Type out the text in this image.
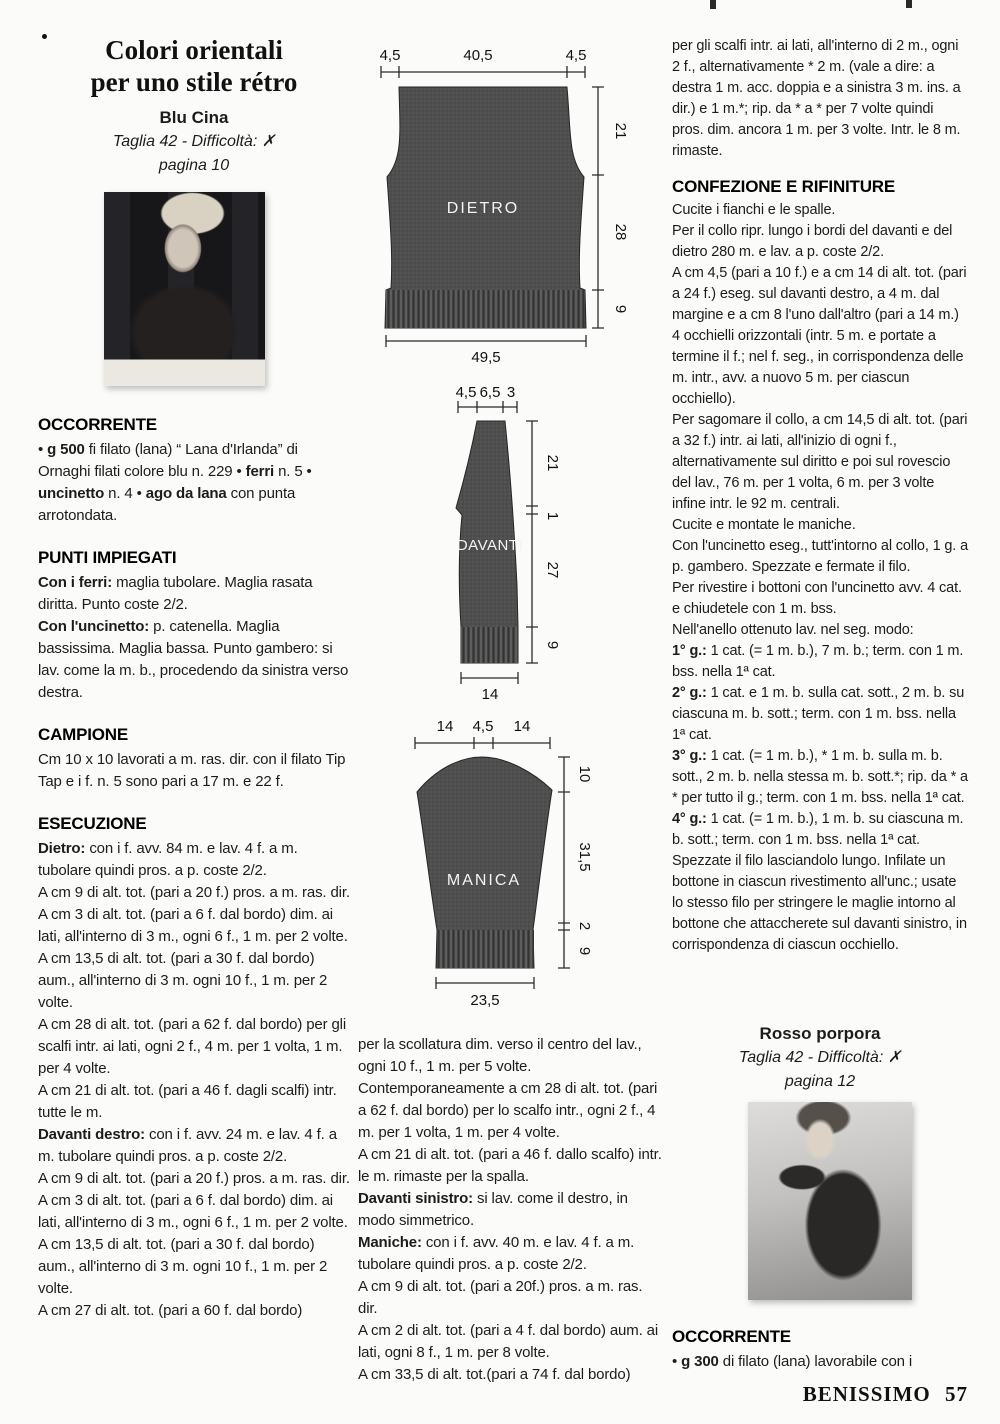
Colori orientali
per uno stile rétro
Blu Cina
Taglia 42 - Difficoltà: ✗
pagina 10
OCCORRENTE

• g 500 fi filato (lana) “ Lana d'Irlanda” di Ornaghi filati colore blu n. 229 • ferri n. 5 • uncinetto n. 4 • ago da lana con punta arrotondata.

PUNTI IMPIEGATI

Con i ferri: maglia tubolare. Maglia rasata diritta. Punto coste 2/2.

Con l'uncinetto: p. catenella. Maglia bassissima. Maglia bassa. Punto gambero: si lav. come la m. b., procedendo da sinistra verso destra.

CAMPIONE

Cm 10 x 10 lavorati a m. ras. dir. con il filato Tip Tap e i f. n. 5 sono pari a 17 m. e 22 f.

ESECUZIONE

Dietro: con i f. avv. 84 m. e lav. 4 f. a m. tubolare quindi pros. a p. coste 2/2.

A cm 9 di alt. tot. (pari a 20 f.) pros. a m. ras. dir.

A cm 3 di alt. tot. (pari a 6 f. dal bordo) dim. ai lati, all'interno di 3 m., ogni 6 f., 1 m. per 2 volte.

A cm 13,5 di alt. tot. (pari a 30 f. dal bordo) aum., all'interno di 3 m. ogni 10 f., 1 m. per 2 volte.

A cm 28 di alt. tot. (pari a 62 f. dal bordo) per gli scalfi intr. ai lati, ogni 2 f., 4 m. per 1 volta, 1 m. per 4 volte.

A cm 21 di alt. tot. (pari a 46 f. dagli scalfi) intr. tutte le m.

Davanti destro: con i f. avv. 24 m. e lav. 4 f. a m. tubolare quindi pros. a p. coste 2/2.

A cm 9 di alt. tot. (pari a 20 f.) pros. a m. ras. dir.

A cm 3 di alt. tot. (pari a 6 f. dal bordo) dim. ai lati, all'interno di 3 m., ogni 6 f., 1 m. per 2 volte.

A cm 13,5 di alt. tot. (pari a 30 f. dal bordo) aum., all'interno di 3 m. ogni 10 f., 1 m. per 2 volte.

A cm 27 di alt. tot. (pari a 60 f. dal bordo)

4,5	40,5	4,5
DIETRO
21
28
9
49,5
4,5 6,5 3
DAVANTI
21
1
27
9
14
14 4,5 14
MANICA
10
31,5
2
9
23,5

per la scollatura dim. verso il centro del lav., ogni 10 f., 1 m. per 5 volte.

Contemporaneamente a cm 28 di alt. tot. (pari a 62 f. dal bordo) per lo scalfo intr., ogni 2 f., 4 m. per 1 volta, 1 m. per 4 volte.

A cm 21 di alt. tot. (pari a 46 f. dallo scalfo) intr. le m. rimaste per la spalla.

Davanti sinistro: si lav. come il destro, in modo simmetrico.

Maniche: con i f. avv. 40 m. e lav. 4 f. a m. tubolare quindi pros. a p. coste 2/2.

A cm 9 di alt. tot. (pari a 20f.) pros. a m. ras. dir.

A cm 2 di alt. tot. (pari a 4 f. dal bordo) aum. ai lati, ogni 8 f., 1 m. per 8 volte.

A cm 33,5 di alt. tot.(pari a 74 f. dal bordo)

per gli scalfi intr. ai lati, all'interno di 2 m., ogni 2 f., alternativamente * 2 m. (vale a dire: a destra 1 m. acc. doppia e a sinistra 3 m. ins. a dir.) e 1 m.*; rip. da * a * per 7 volte quindi pros. dim. ancora 1 m. per 3 volte. Intr. le 8 m. rimaste.

CONFEZIONE E RIFINITURE

Cucite i fianchi e le spalle.

Per il collo ripr. lungo i bordi del davanti e del dietro 280 m. e lav. a p. coste 2/2.

A cm 4,5 (pari a 10 f.) e a cm 14 di alt. tot. (pari a 24 f.) eseg. sul davanti destro, a 4 m. dal margine e a cm 8 l'uno dall'altro (pari a 14 m.) 4 occhielli orizzontali (intr. 5 m. e portate a termine il f.; nel f. seg., in corrispondenza delle m. intr., avv. a nuovo 5 m. per ciascun occhiello).

Per sagomare il collo, a cm 14,5 di alt. tot. (pari a 32 f.) intr. ai lati, all'inizio di ogni f., alternativamente sul diritto e poi sul rovescio del lav., 76 m. per 1 volta, 6 m. per 3 volte infine intr. le 92 m. centrali.

Cucite e montate le maniche.

Con l'uncinetto eseg., tutt'intorno al collo, 1 g. a p. gambero. Spezzate e fermate il filo.

Per rivestire i bottoni con l'uncinetto avv. 4 cat. e chiudetele con 1 m. bss.

Nell'anello ottenuto lav. nel seg. modo:

1° g.: 1 cat. (= 1 m. b.), 7 m. b.; term. con 1 m. bss. nella 1ª cat.

2° g.: 1 cat. e 1 m. b. sulla cat. sott., 2 m. b. su ciascuna m. b. sott.; term. con 1 m. bss. nella 1ª cat.

3° g.: 1 cat. (= 1 m. b.), * 1 m. b. sulla m. b. sott., 2 m. b. nella stessa m. b. sott.*; rip. da * a * per tutto il g.; term. con 1 m. bss. nella 1ª cat.

4° g.: 1 cat. (= 1 m. b.), 1 m. b. su ciascuna m. b. sott.; term. con 1 m. bss. nella 1ª cat.

Spezzate il filo lasciandolo lungo. Infilate un bottone in ciascun rivestimento all'unc.; usate lo stesso filo per stringere le maglie intorno al bottone che attaccherete sul davanti sinistro, in corrispondenza di ciascun occhiello.

Rosso porpora
Taglia 42 - Difficoltà: ✗
pagina 12
OCCORRENTE

• g 300 di filato (lana) lavorabile con i

BENISSIMO 57
